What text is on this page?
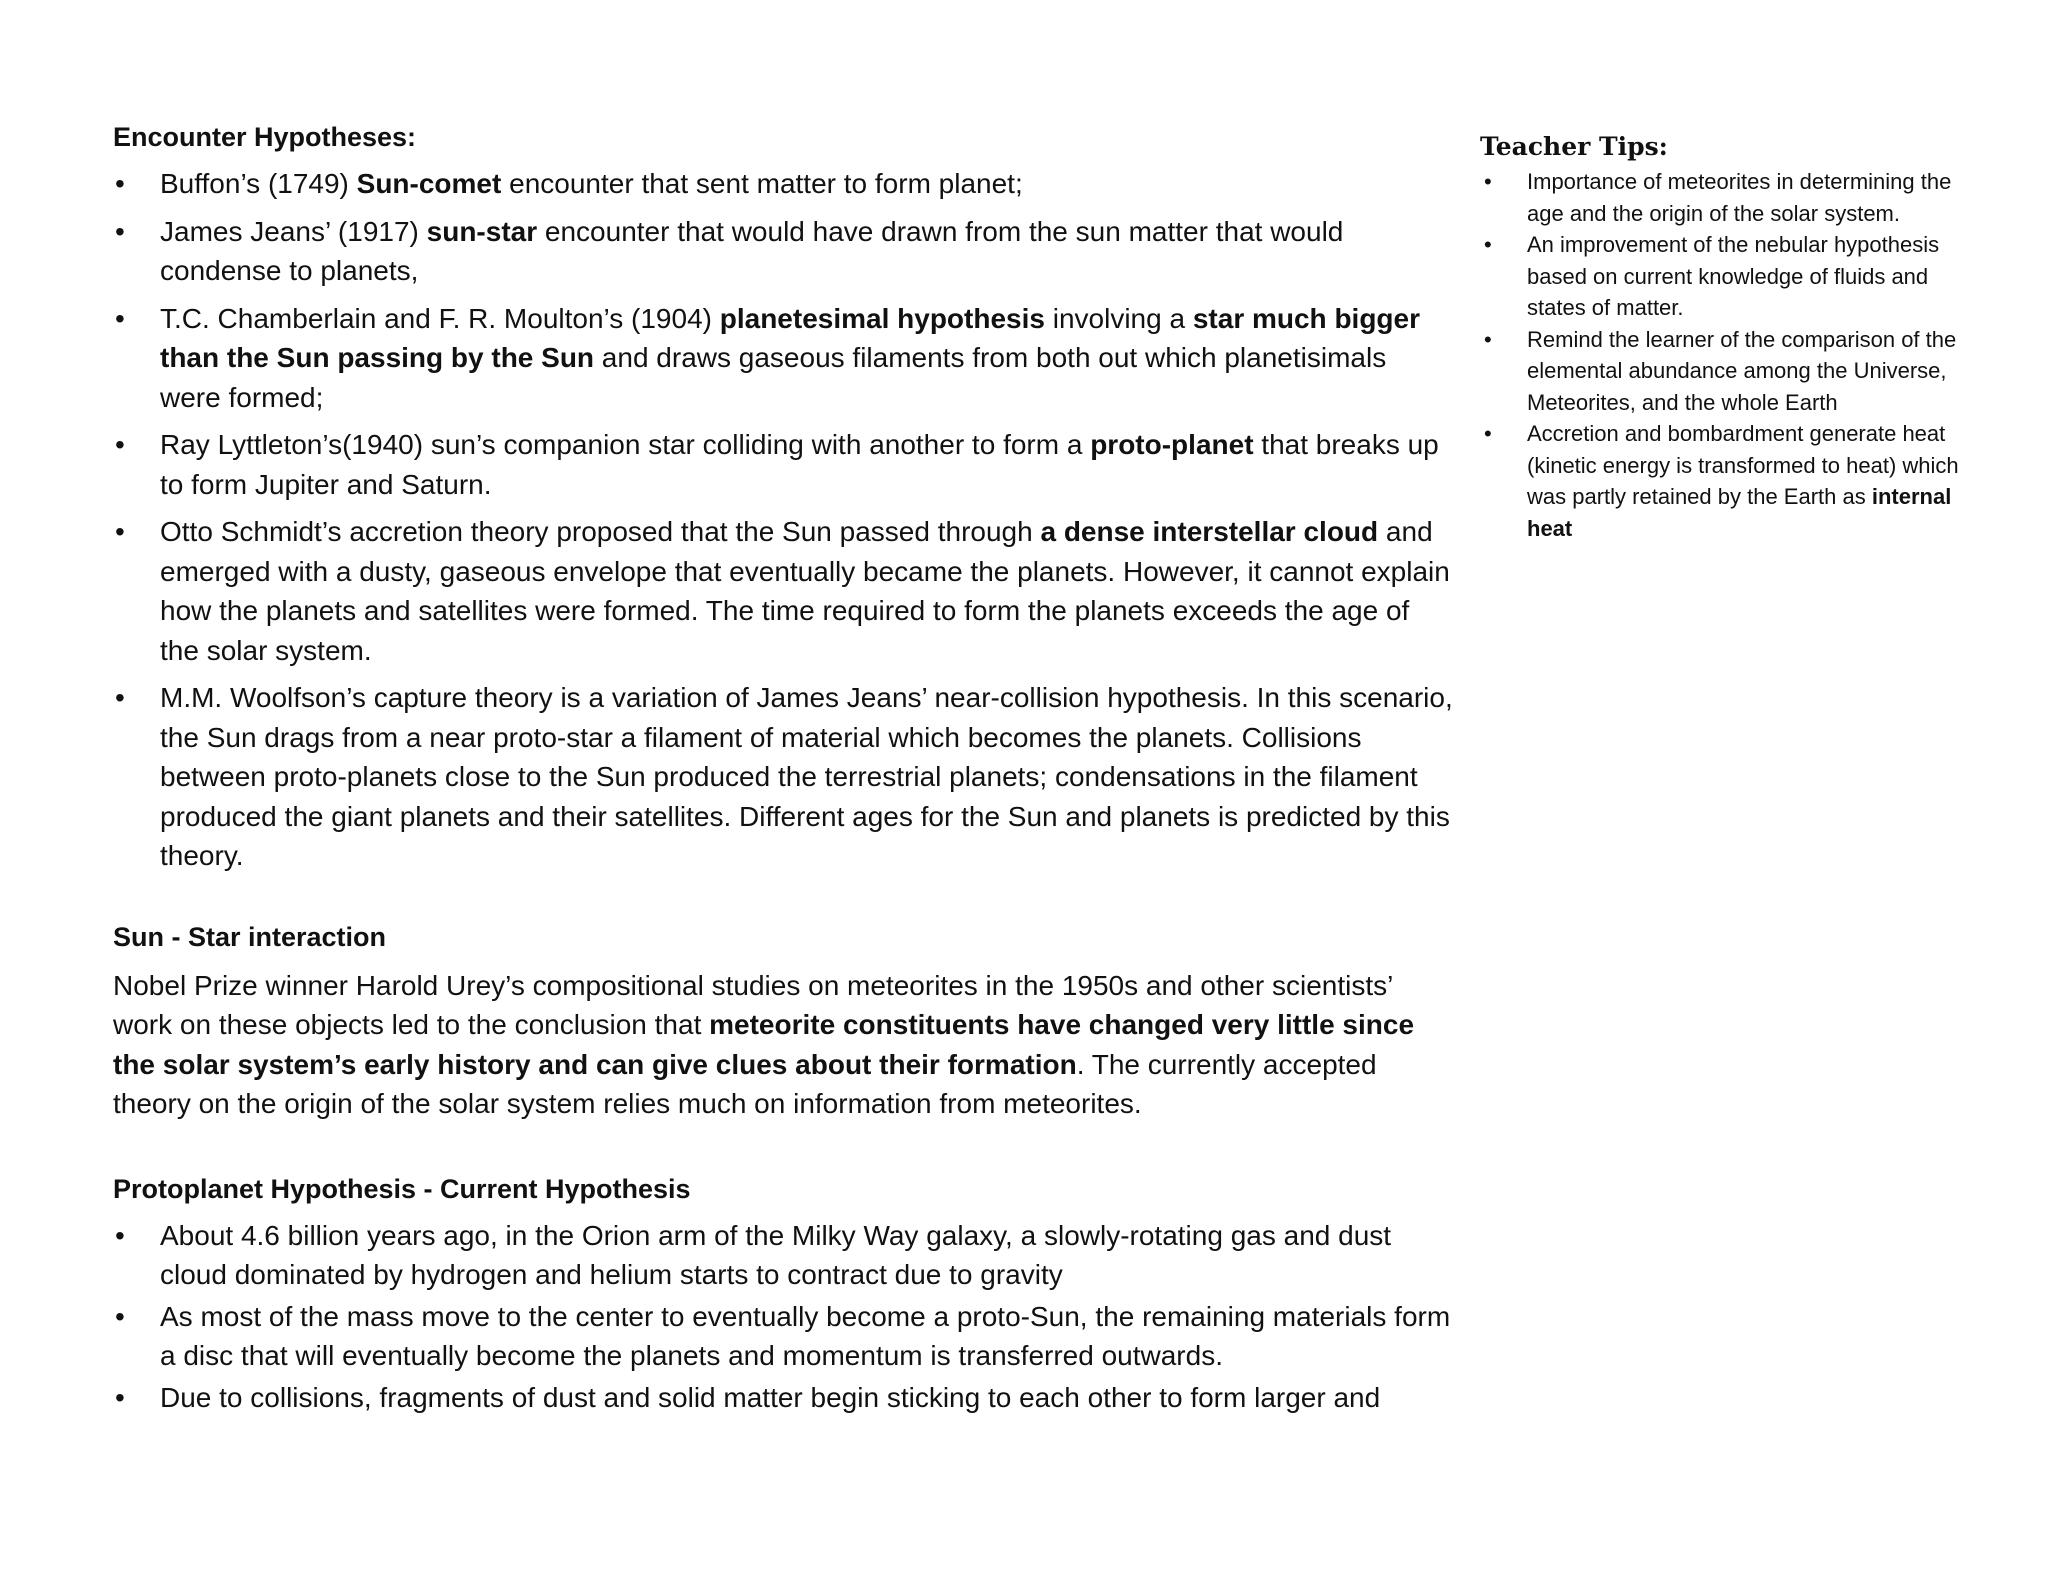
Encounter Hypotheses:
• Buffon’s (1749) Sun-comet encounter that sent matter to form planet;
• James Jeans’ (1917) sun-star encounter that would have drawn from the sun matter that would condense to planets,
• T.C. Chamberlain and F. R. Moulton’s (1904) planetesimal hypothesis involving a star much bigger than the Sun passing by the Sun and draws gaseous filaments from both out which planetisimals were formed;
• Ray Lyttleton’s(1940) sun’s companion star colliding with another to form a proto-planet that breaks up to form Jupiter and Saturn.
• Otto Schmidt’s accretion theory proposed that the Sun passed through a dense interstellar cloud and emerged with a dusty, gaseous envelope that eventually became the planets. However, it cannot explain how the planets and satellites were formed. The time required to form the planets exceeds the age of the solar system.
• M.M. Woolfson’s capture theory is a variation of James Jeans’ near-collision hypothesis. In this scenario, the Sun drags from a near proto-star a filament of material which becomes the planets. Collisions between proto-planets close to the Sun produced the terrestrial planets; condensations in the filament produced the giant planets and their satellites. Different ages for the Sun and planets is predicted by this theory.
Sun - Star interaction

Nobel Prize winner Harold Urey’s compositional studies on meteorites in the 1950s and other scientists’ work on these objects led to the conclusion that meteorite constituents have changed very little since the solar system’s early history and can give clues about their formation. The currently accepted theory on the origin of the solar system relies much on information from meteorites.

Protoplanet Hypothesis - Current Hypothesis
• About 4.6 billion years ago, in the Orion arm of the Milky Way galaxy, a slowly-rotating gas and dust cloud dominated by hydrogen and helium starts to contract due to gravity
• As most of the mass move to the center to eventually become a proto-Sun, the remaining materials form a disc that will eventually become the planets and momentum is transferred outwards.
• Due to collisions, fragments of dust and solid matter begin sticking to each other to form larger and
Teacher Tips:
• Importance of meteorites in determining the age and the origin of the solar system.
• An improvement of the nebular hypothesis based on current knowledge of fluids and states of matter.
• Remind the learner of the comparison of the elemental abundance among the Universe, Meteorites, and the whole Earth
• Accretion and bombardment generate heat (kinetic energy is transformed to heat) which was partly retained by the Earth as internal heat
